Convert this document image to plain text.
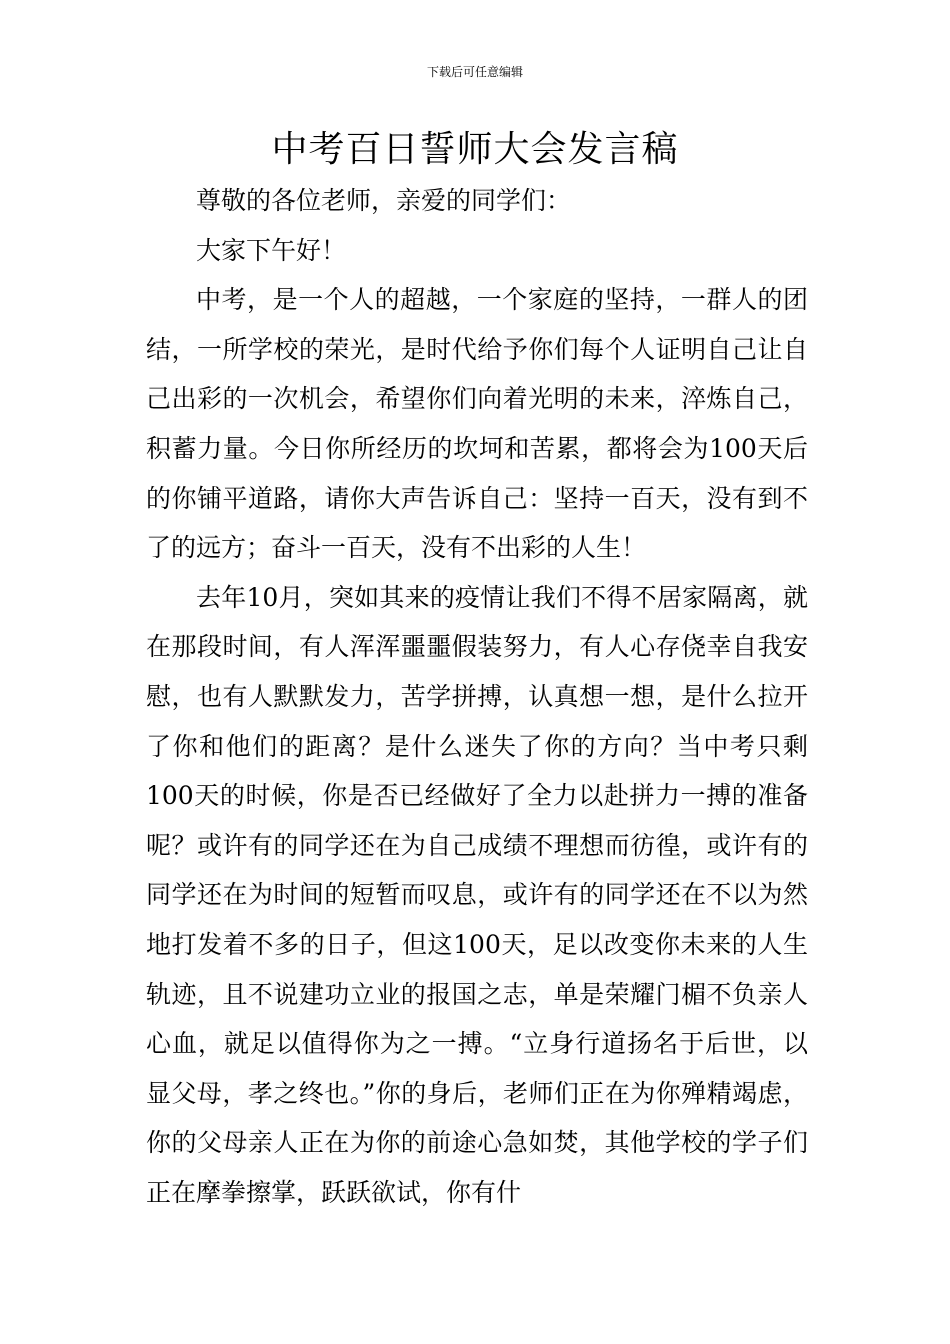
下载后可任意编辑
中考百日誓师大会发言稿

尊敬的各位老师，亲爱的同学们：

大家下午好！

中考，是一个人的超越，一个家庭的坚持，一群人的团结，一所学校的荣光，是时代给予你们每个人证明自己让自己出彩的一次机会，希望你们向着光明的未来，淬炼自己，积蓄力量。今日你所经历的坎坷和苦累，都将会为100天后的你铺平道路，请你大声告诉自己：坚持一百天，没有到不了的远方；奋斗一百天，没有不出彩的人生！

去年10月，突如其来的疫情让我们不得不居家隔离，就在那段时间，有人浑浑噩噩假装努力，有人心存侥幸自我安慰，也有人默默发力，苦学拼搏，认真想一想，是什么拉开了你和他们的距离？是什么迷失了你的方向？当中考只剩100天的时候，你是否已经做好了全力以赴拼力一搏的准备呢？或许有的同学还在为自己成绩不理想而彷徨，或许有的同学还在为时间的短暂而叹息，或许有的同学还在不以为然地打发着不多的日子，但这100天，足以改变你未来的人生轨迹，且不说建功立业的报国之志，单是荣耀门楣不负亲人心血，就足以值得你为之一搏。“立身行道扬名于后世，以显父母，孝之终也。”你的身后，老师们正在为你殚精竭虑，你的父母亲人正在为你的前途心急如焚，其他学校的学子们正在摩拳擦掌，跃跃欲试，你有什
